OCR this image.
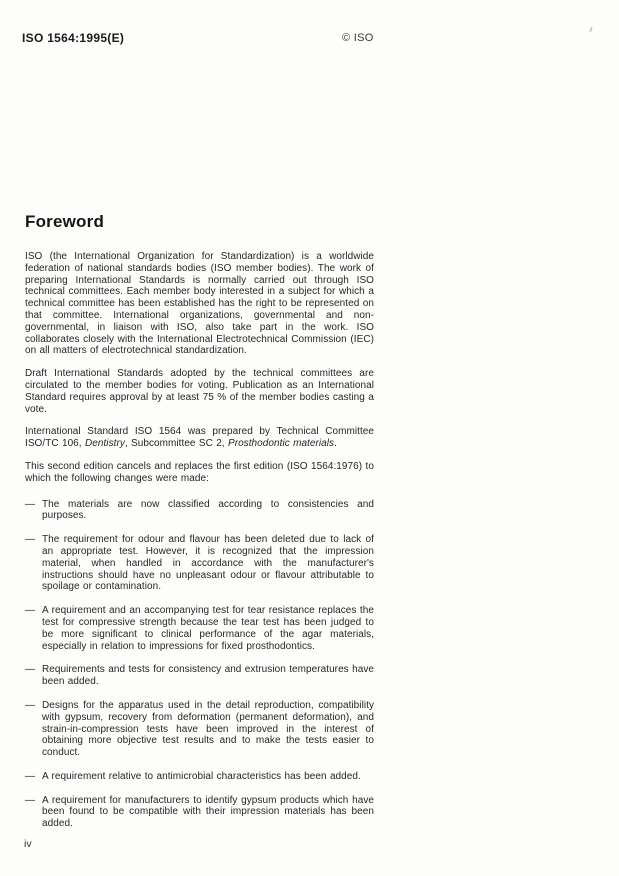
ISO 1564:1995(E)	© ISO
Foreword

ISO (the International Organization for Standardization) is a worldwide federation of national standards bodies (ISO member bodies). The work of preparing International Standards is normally carried out through ISO technical committees. Each member body interested in a subject for which a technical committee has been established has the right to be represented on that committee. International organizations, governmental and non-governmental, in liaison with ISO, also take part in the work. ISO collaborates closely with the International Electrotechnical Commission (IEC) on all matters of electrotechnical standardization.

Draft International Standards adopted by the technical committees are circulated to the member bodies for voting. Publication as an International Standard requires approval by at least 75 % of the member bodies casting a vote.

International Standard ISO 1564 was prepared by Technical Committee ISO/TC 106, Dentistry, Subcommittee SC 2, Prosthodontic materials.

This second edition cancels and replaces the first edition (ISO 1564:1976) to which the following changes were made:

— The materials are now classified according to consistencies and purposes.
— The requirement for odour and flavour has been deleted due to lack of an appropriate test. However, it is recognized that the impression material, when handled in accordance with the manufacturer's instructions should have no unpleasant odour or flavour attributable to spoilage or contamination.
— A requirement and an accompanying test for tear resistance replaces the test for compressive strength because the tear test has been judged to be more significant to clinical performance of the agar materials, especially in relation to impressions for fixed prosthodontics.
— Requirements and tests for consistency and extrusion temperatures have been added.
— Designs for the apparatus used in the detail reproduction, compatibility with gypsum, recovery from deformation (permanent deformation), and strain-in-compression tests have been improved in the interest of obtaining more objective test results and to make the tests easier to conduct.
— A requirement relative to antimicrobial characteristics has been added.
— A requirement for manufacturers to identify gypsum products which have been found to be compatible with their impression materials has been added.
iv
